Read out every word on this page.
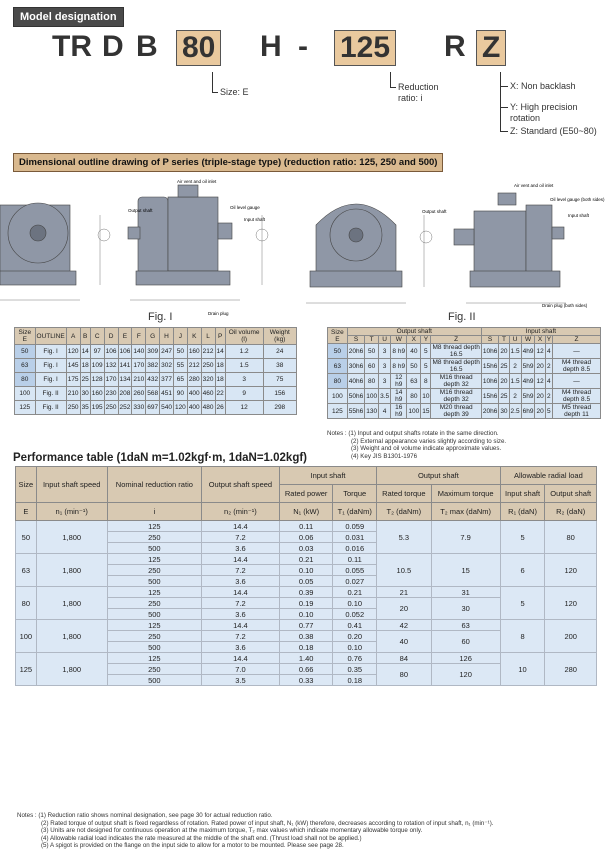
Model designation
TR D B 80 H - 125 R Z
Size: E	Reduction ratio: i
X: Non backlash
Y: High precision rotation
Z: Standard (E50~80)
Dimensional outline drawing of P series (triple-stage type) (reduction ratio: 125, 250 and 500)
Air vent and oil inlet
Output shaft
Oil level gauge
Input shaft
Drain plug
Fig. I
Air vent and oil inlet
Output shaft
Oil level gauge (both sides)
Input shaft
Drain plug (both sides)
Fig. II
Size E	OUTLINE	A	B	C	D	E	F	G	H	J	K	L	P	Oil volume (l)	Weight (kg)
50	Fig. I	120	14	97	106	106	140	309	247	50	160	212	14	1.2	24
63	Fig. I	145	18	109	132	141	170	382	302	55	212	250	18	1.5	38
80	Fig. I	175	25	128	170	134	210	432	377	65	280	320	18	3	75
100	Fig. II	210	30	160	230	208	260	568	451	90	400	460	22	9	156
125	Fig. II	250	35	195	250	252	330	697	540	120	400	480	26	12	298
Size E	Output shaft							Input shaft						
	S	T	U	W	X	Y	Z	S	T	U	W	X	Y	Z
50	20h6	50	3	8 h9	40	5	M8 thread depth 16.5	10h6	20	1.5	4h9	12	4	—
63	30h6	60	3	8 h9	50	5	M8 thread depth 16.5	15h6	25	2	5h9	20	2	M4 thread depth 8.5
80	40h6	80	3	12 h9	63	8	M16 thread depth 32	10h6	20	1.5	4h9	12	4	—
100	50h6	100	3.5	14 h9	80	10	M16 thread depth 32	15h6	25	2	5h9	20	2	M4 thread depth 8.5
125	55h6	130	4	16 h9	100	15	M20 thread depth 39	20h6	30	2.5	6h9	20	5	M5 thread depth 11
Notes : (1) Input and output shafts rotate in the same direction.
(2) External appearance varies slightly according to size.
(3) Weight and oil volume indicate approximate values.
(4) Key JIS B1301-1976
Performance table (1daN m=1.02kgf·m, 1daN=1.02kgf)
Size	Input shaft speed	Nominal reduction ratio	Output shaft speed	Input shaft		Output shaft		Allowable radial load	
				Rated power	Torque	Rated torque	Maximum torque	Input shaft	Output shaft
E	n₁ (min⁻¹)	i	n₂ (min⁻¹)	N₁ (kW)	T₁ (daNm)	T₂ (daNm)	T₂ max (daNm)	R₁ (daN)	R₂ (daN)
50	1,800	125	14.4	0.11	0.059	5.3	7.9	5	80
		250	7.2	0.06	0.031				
		500	3.6	0.03	0.016				
63	1,800	125	14.4	0.21	0.11	10.5	15	6	120
		250	7.2	0.10	0.055				
		500	3.6	0.05	0.027				
80	1,800	125	14.4	0.39	0.21	21	31	5	120
		250	7.2	0.19	0.10	20	30		
		500	3.6	0.10	0.052				
100	1,800	125	14.4	0.77	0.41	42	63	8	200
		250	7.2	0.38	0.20	40	60		
		500	3.6	0.18	0.10				
125	1,800	125	14.4	1.40	0.76	84	126	10	280
		250	7.0	0.66	0.35	80	120		
		500	3.5	0.33	0.18				
Notes : (1) Reduction ratio shows nominal designation, see page 30 for actual reduction ratio.
(2) Rated torque of output shaft is fixed regardless of rotation. Rated power of input shaft, N₁ (kW) therefore, decreases according to rotation of input shaft, n₁ (min⁻¹).
(3) Units are not designed for continuous operation at the maximum torque, T₂ max values which indicate momentary allowable torque only.
(4) Allowable radial load indicates the rate measured at the middle of the shaft end. (Thrust load shall not be applied.)
(5) A spigot is provided on the flange on the input side to allow for a motor to be mounted. Please see page 28.
